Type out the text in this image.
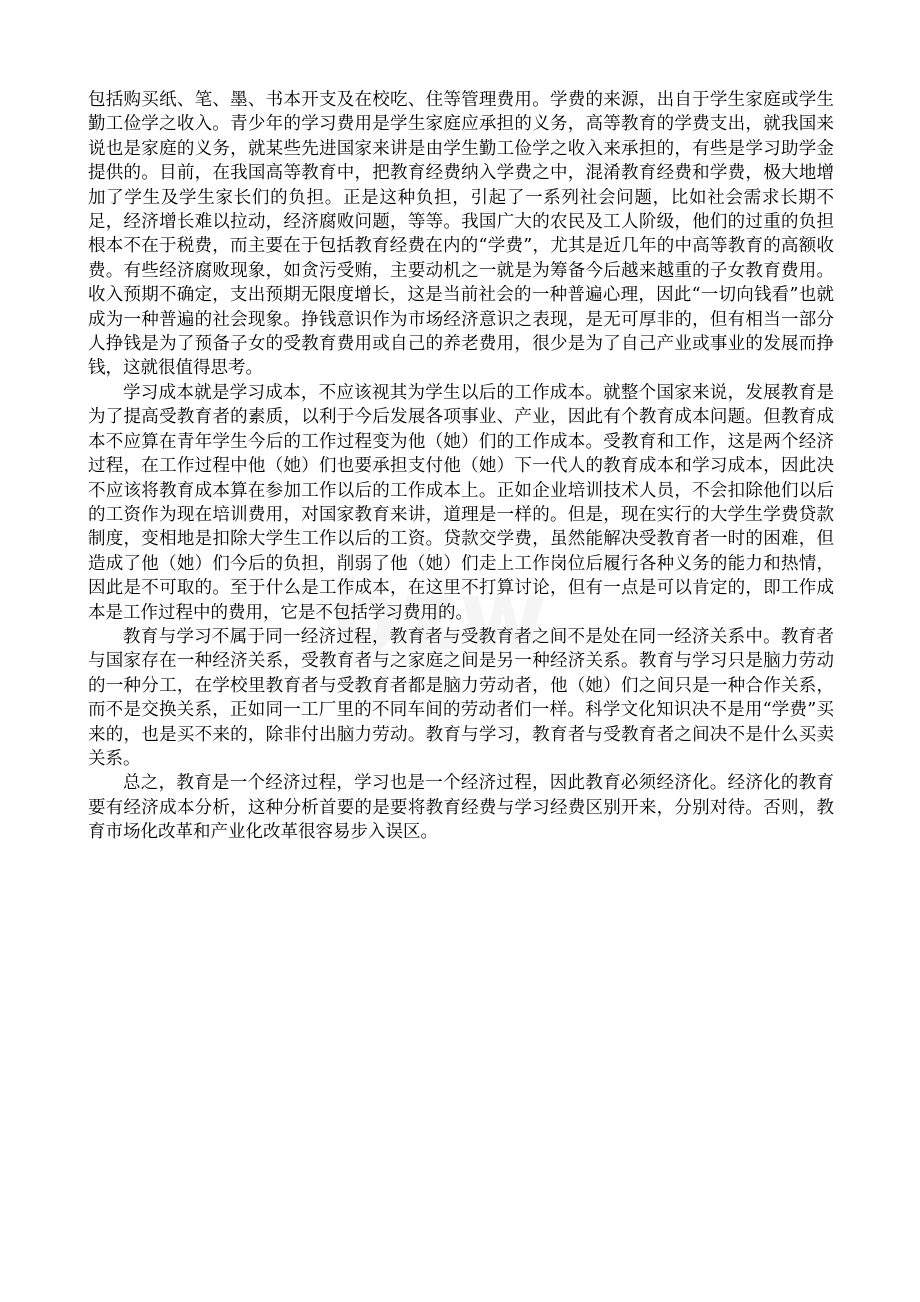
包括购买纸、笔、墨、书本开支及在校吃、住等管理费用。学费的来源，出自于学生家庭或学生勤工俭学之收入。青少年的学习费用是学生家庭应承担的义务，高等教育的学费支出，就我国来说也是家庭的义务，就某些先进国家来讲是由学生勤工俭学之收入来承担的，有些是学习助学金提供的。目前，在我国高等教育中，把教育经费纳入学费之中，混淆教育经费和学费，极大地增加了学生及学生家长们的负担。正是这种负担，引起了一系列社会问题，比如社会需求长期不足，经济增长难以拉动，经济腐败问题，等等。我国广大的农民及工人阶级，他们的过重的负担根本不在于税费，而主要在于包括教育经费在内的“学费”，尤其是近几年的中高等教育的高额收费。有些经济腐败现象，如贪污受贿，主要动机之一就是为筹备今后越来越重的子女教育费用。收入预期不确定，支出预期无限度增长，这是当前社会的一种普遍心理，因此“一切向钱看”也就成为一种普遍的社会现象。挣钱意识作为市场经济意识之表现，是无可厚非的，但有相当一部分人挣钱是为了预备子女的受教育费用或自己的养老费用，很少是为了自己产业或事业的发展而挣钱，这就很值得思考。

学习成本就是学习成本，不应该视其为学生以后的工作成本。就整个国家来说，发展教育是为了提高受教育者的素质，以利于今后发展各项事业、产业，因此有个教育成本问题。但教育成本不应算在青年学生今后的工作过程变为他（她）们的工作成本。受教育和工作，这是两个经济过程，在工作过程中他（她）们也要承担支付他（她）下一代人的教育成本和学习成本，因此决不应该将教育成本算在参加工作以后的工作成本上。正如企业培训技术人员，不会扣除他们以后的工资作为现在培训费用，对国家教育来讲，道理是一样的。但是，现在实行的大学生学费贷款制度，变相地是扣除大学生工作以后的工资。贷款交学费，虽然能解决受教育者一时的困难，但造成了他（她）们今后的负担，削弱了他（她）们走上工作岗位后履行各种义务的能力和热情，因此是不可取的。至于什么是工作成本，在这里不打算讨论，但有一点是可以肯定的，即工作成本是工作过程中的费用，它是不包括学习费用的。

教育与学习不属于同一经济过程，教育者与受教育者之间不是处在同一经济关系中。教育者与国家存在一种经济关系，受教育者与之家庭之间是另一种经济关系。教育与学习只是脑力劳动的一种分工，在学校里教育者与受教育者都是脑力劳动者，他（她）们之间只是一种合作关系，而不是交换关系，正如同一工厂里的不同车间的劳动者们一样。科学文化知识决不是用“学费”买来的，也是买不来的，除非付出脑力劳动。教育与学习，教育者与受教育者之间决不是什么买卖关系。

总之，教育是一个经济过程，学习也是一个经济过程，因此教育必须经济化。经济化的教育要有经济成本分析，这种分析首要的是要将教育经费与学习经费区别开来，分别对待。否则，教育市场化改革和产业化改革很容易步入误区。
